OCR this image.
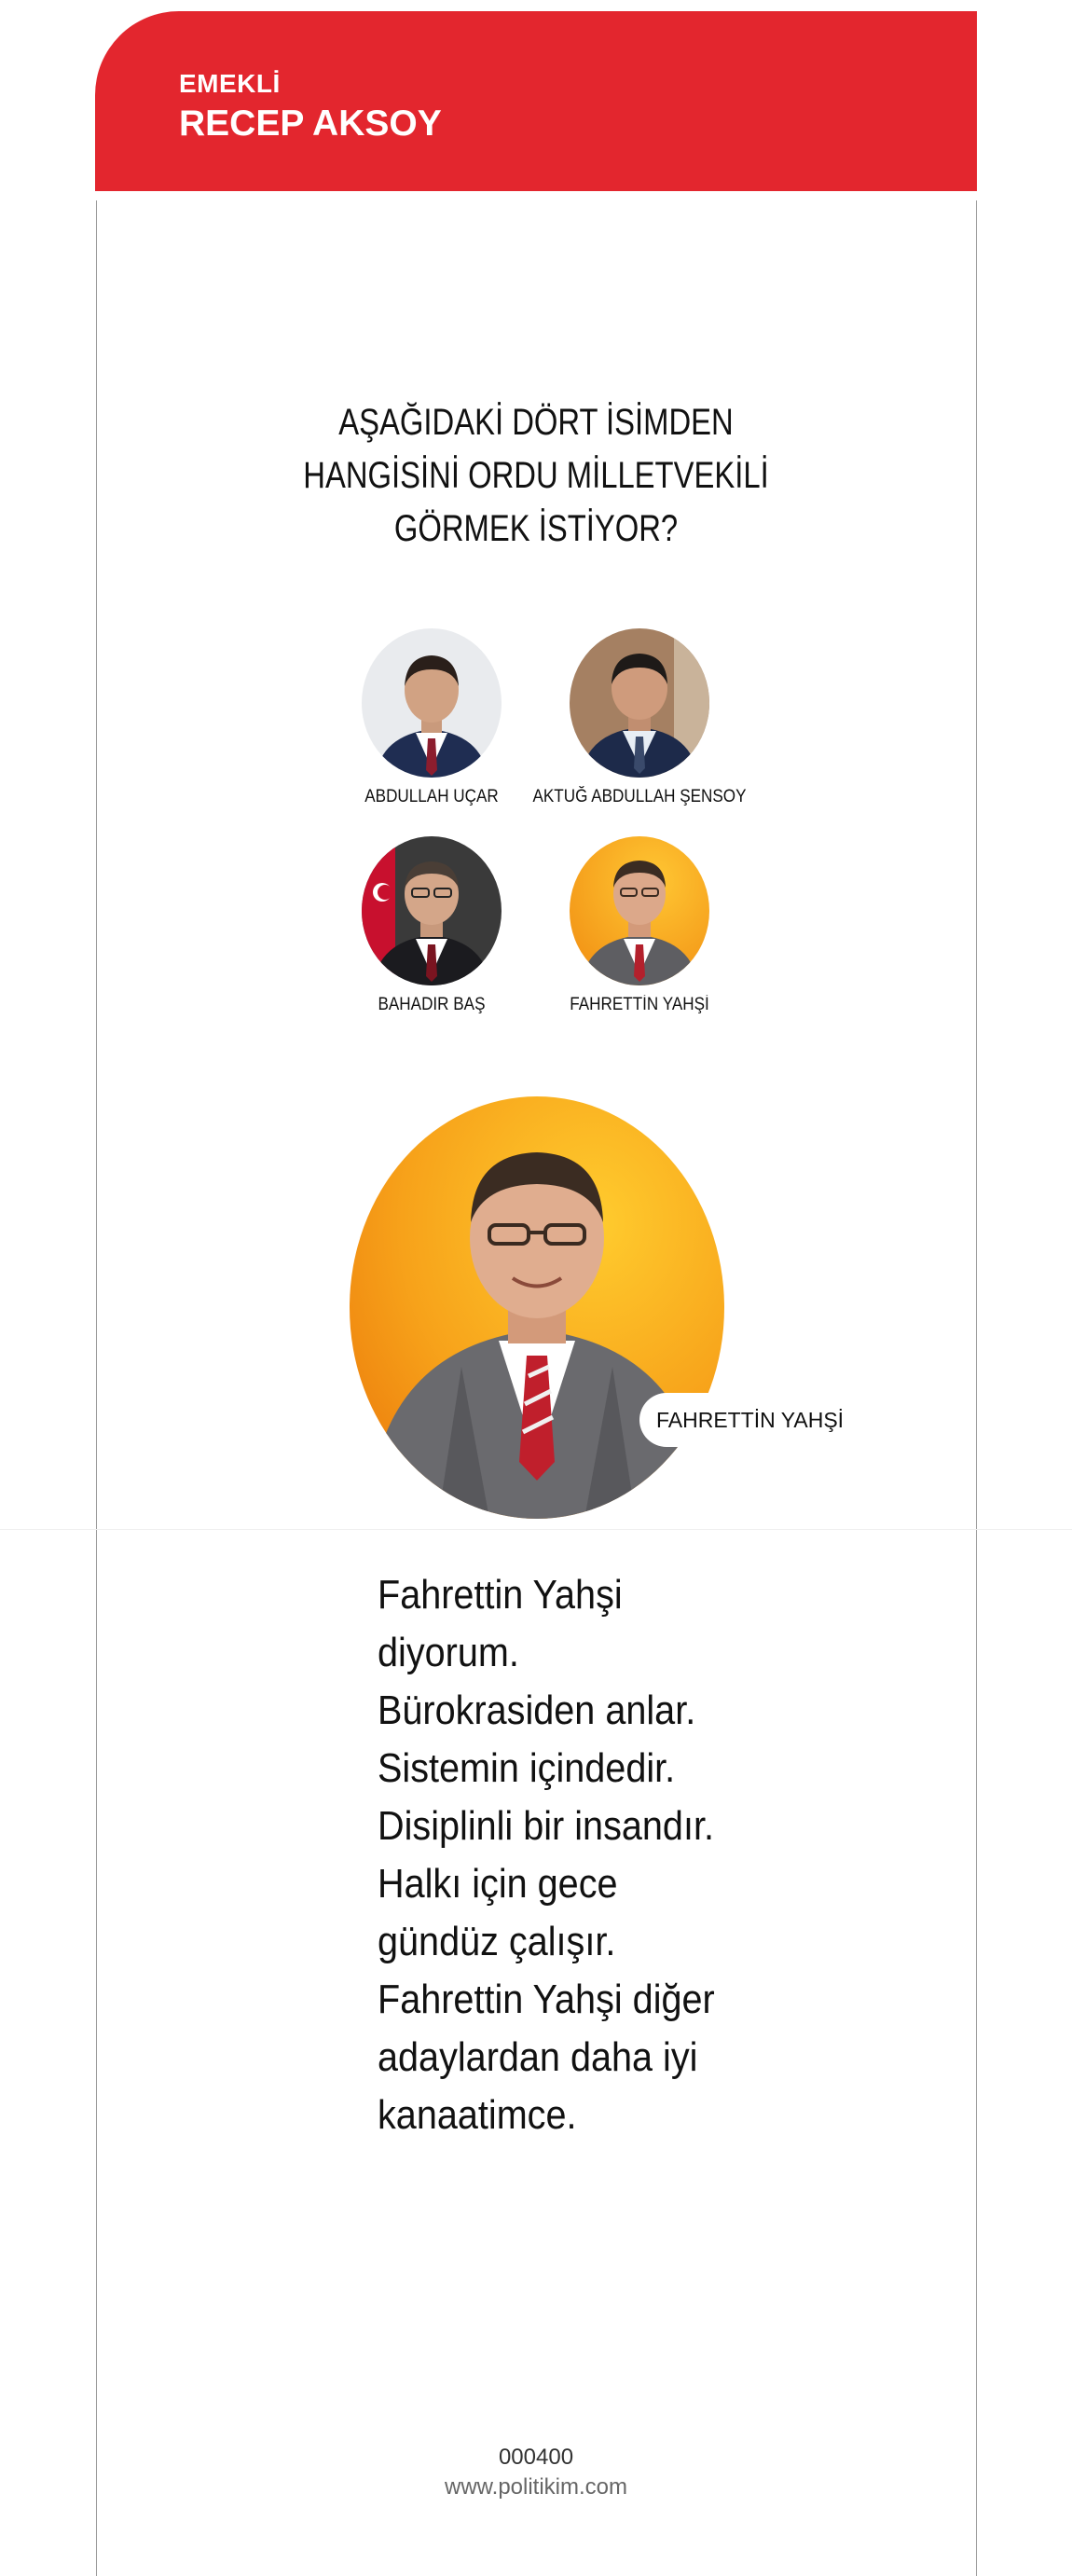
EMEKLİ
RECEP AKSOY
AŞAĞIDAKİ DÖRT İSİMDEN
HANGİSİNİ ORDU MİLLETVEKİLİ
GÖRMEK İSTİYOR?
ABDULLAH UÇAR	AKTUĞ ABDULLAH ŞENSOY
BAHADIR BAŞ	FAHRETTİN YAHŞİ
FAHRETTİN YAHŞİ
Fahrettin Yahşi
diyorum.
Bürokrasiden anlar.
Sistemin içindedir.
Disiplinli bir insandır.
Halkı için gece
gündüz çalışır.
Fahrettin Yahşi diğer
adaylardan daha iyi
kanaatimce.
000400
www.politikim.com
